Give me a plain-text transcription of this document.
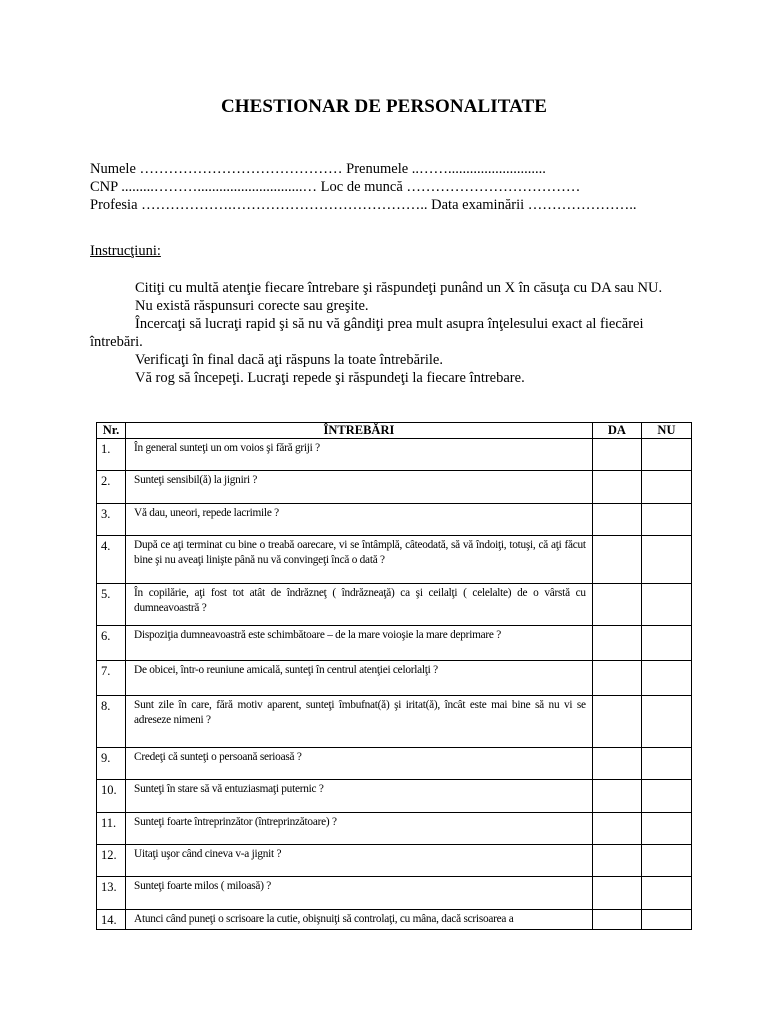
CHESTIONAR DE PERSONALITATE
Numele …………………………………… Prenumele ..……...........................
CNP .........……….............................… Loc de muncă ………………………………
Profesia ……………….………………………………….. Data examinării …………………..
Instrucţiuni:

Citiţi cu multă atenţie fiecare întrebare şi răspundeţi punând un X în căsuţa cu DA sau NU.

Nu există răspunsuri corecte sau greşite.

Încercaţi să lucraţi rapid şi să nu vă gândiţi prea mult asupra înţelesului exact al fiecărei întrebări.

Verificaţi în final dacă aţi răspuns la toate întrebările.

Vă rog să începeţi. Lucraţi repede şi răspundeţi la fiecare întrebare.

Nr.	ÎNTREBĂRI	DA	NU
1.	În general sunteţi un om voios şi fără griji ?		

2.	Sunteţi sensibil(ă) la jigniri ?		

3.	Vă dau, uneori, repede lacrimile ?		

4.	După ce aţi terminat cu bine o treabă oarecare, vi se întâmplă, câteodată, să vă îndoiţi, totuşi, că aţi făcut bine şi nu aveaţi linişte până nu vă convingeţi încă o dată ?		

5.	În copilărie, aţi fost tot atât de îndrăzneţ ( îndrăzneaţă) ca şi ceilalţi ( celelalte) de o vârstă cu dumneavoastră ?		

6.	Dispoziţia dumneavoastră este schimbătoare – de la mare voioşie la mare deprimare ?		

7.	De obicei, într-o reuniune amicală, sunteţi în centrul atenţiei celorlalţi ?		

8.	Sunt zile în care, fără motiv aparent, sunteţi îmbufnat(ă) şi iritat(ă), încât este mai bine să nu vi se adreseze nimeni ?		

9.	Credeţi că sunteţi o persoană serioasă ?		

10.	Sunteţi în stare să vă entuziasmaţi puternic ?		

11.	Sunteţi foarte întreprinzător (întreprinzătoare) ?		

12.	Uitaţi uşor când cineva v-a jignit ?		

13.	Sunteţi foarte milos ( miloasă) ?		

14.	Atunci când puneţi o scrisoare la cutie, obişnuiţi să controlaţi, cu mâna, dacă scrisoarea a		
